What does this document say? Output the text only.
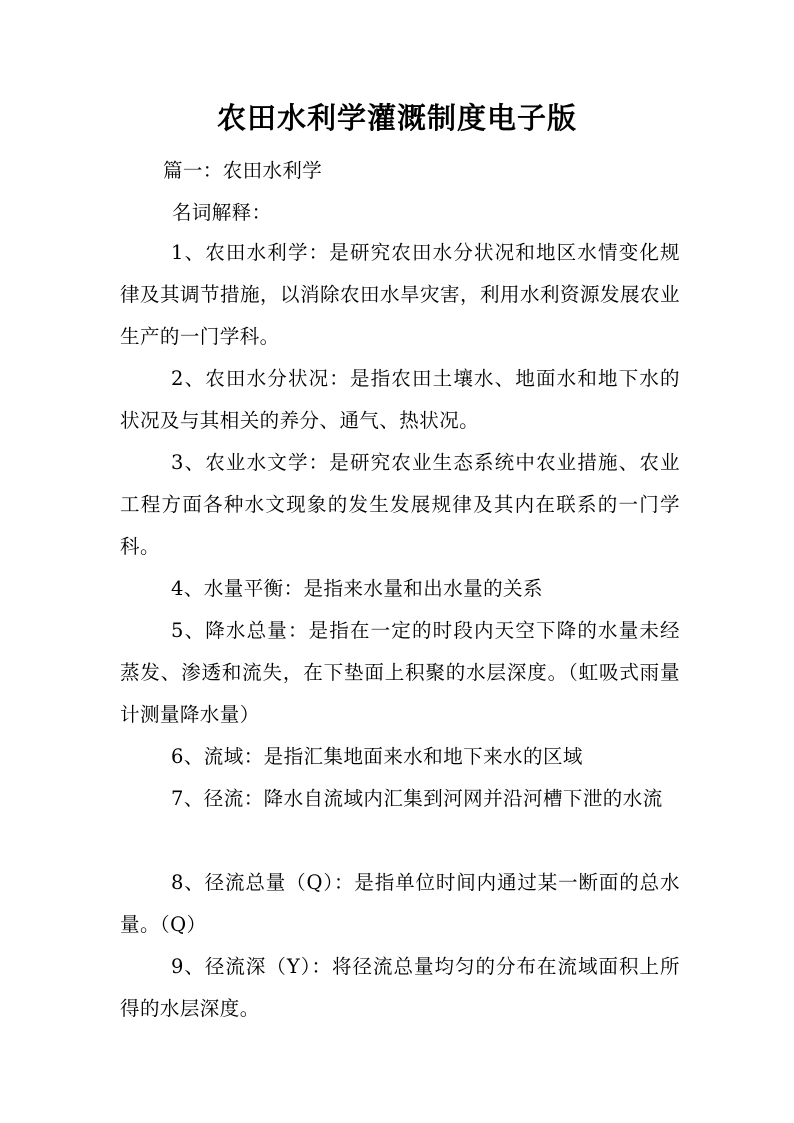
农田水利学灌溉制度电子版

篇一：农田水利学

名词解释：

1、农田水利学：是研究农田水分状况和地区水情变化规律及其调节措施，以消除农田水旱灾害，利用水利资源发展农业生产的一门学科。

2、农田水分状况：是指农田土壤水、地面水和地下水的状况及与其相关的养分、通气、热状况。

3、农业水文学：是研究农业生态系统中农业措施、农业工程方面各种水文现象的发生发展规律及其内在联系的一门学科。

4、水量平衡：是指来水量和出水量的关系

5、降水总量：是指在一定的时段内天空下降的水量未经蒸发、渗透和流失，在下垫面上积聚的水层深度。（虹吸式雨量计测量降水量）

6、流域：是指汇集地面来水和地下来水的区域

7、径流：降水自流域内汇集到河网并沿河槽下泄的水流

8、径流总量（Q）：是指单位时间内通过某一断面的总水量。（Q）

9、径流深（Y）：将径流总量均匀的分布在流域面积上所得的水层深度。
